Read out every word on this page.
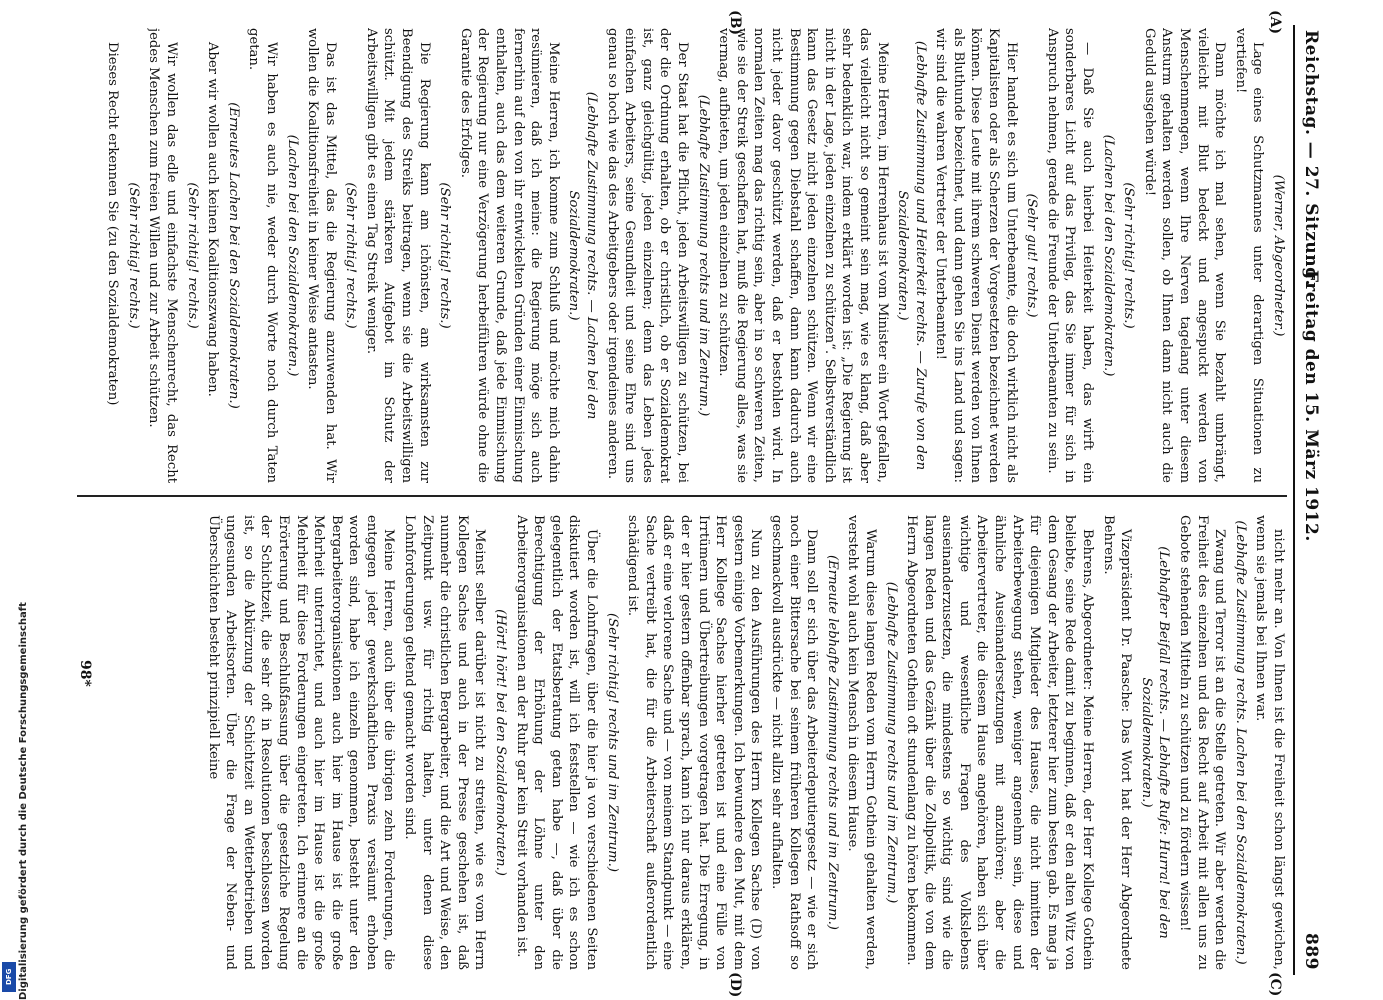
Digitalisierung gefördert durch die Deutsche Forschungsgemeinschaft
DFG
Reichstag. — 27. Sitzung.
Freitag den 15. März 1912.
889

(Werner, Abgeordneter.)

Lage eines Schutzmannes unter derartigen Situationen zu vertiefen!

Dann möchte ich mal sehen, wenn Sie bezahlt umbrängt, vielleicht mit Blut bedeckt und angespuckt werden von Menschenmengen, wenn Ihre Nerven tagelang unter diesem Ansturm gehalten werden sollen, ob Ihnen dann nicht auch die Geduld ausgehen würde!

(Sehr richtig! rechts.)

(Lachen bei den Sozialdemokraten.)

— Daß Sie auch hierbei Heiterkeit haben, das wirft ein sonderbares Licht auf das Privileg, das Sie immer für sich in Anspruch nehmen, gerade die Freunde der Unterbeamten zu sein.

(Sehr gut! rechts.)

Hier handelt es sich um Unterbeamte, die doch wirklich nicht als Kapitalisten oder als Scherzen der Vorgesetzten bezeichnet werden können. Diese Leute mit ihrem schweren Dienst werden von Ihnen als Bluthunde bezeichnet, und dann gehen Sie ins Land und sagen: wir sind die wahren Vertreter der Unterbeamten!

(Lebhafte Zustimmung und Heiterkeit rechts. — Zurufe von den Sozialdemokraten.)

Meine Herren, im Herrenhaus ist vom Minister ein Wort gefallen, das vielleicht nicht so gemeint sein mag, wie es klang, daß aber sehr bedenklich war, indem erklärt worden ist: „Die Regierung ist nicht in der Lage, jeden einzelnen zu schützen“. Selbstverständlich kann das Gesetz nicht jeden einzelnen schützen. Wenn wir eine Bestimmung gegen Diebstahl schaffen, dann kann dadurch auch nicht jeder davor geschützt werden, daß er bestohlen wird. In normalen Zeiten mag das richtig sein, aber in so schweren Zeiten, wie sie der Streik geschaffen hat, muß die Regierung alles, was sie vermag, aufbieten, um jeden einzelnen zu schützen.

(Lebhafte Zustimmung rechts und im Zentrum.)

Der Staat hat die Pflicht, jeden Arbeitswilligen zu schützen, bei der die Ordnung erhalten, ob er christlich, ob er Sozialdemokrat ist, ganz gleichgültig, jeden einzelnen; denn das Leben jedes einfachen Arbeiters, seine Gesundheit und seine Ehre sind uns genau so hoch wie das des Arbeitgebers oder irgendeines anderen.

(Lebhafte Zustimmung rechts. — Lachen bei den Sozialdemokraten.)

Meine Herren, ich komme zum Schluß und möchte mich dahin resümieren, daß ich meine: die Regierung möge sich auch fernerhin auf den von ihr entwickelten Gründen einer Einmischung enthalten, auch das dem weiteren Grunde, daß jede Einmischung der Regierung nur eine Verzögerung herbeiführen würde ohne die Garantie des Erfolges.

(Sehr richtig! rechts.)

Die Regierung kann am ichönsten, am wirksamsten zur Beendigung des Streiks beitragen, wenn sie die Arbeitswilligen schützt. Mit jedem stärkeren Aufgebot im Schutz der Arbeitswilligen gibt es einen Tag Streik weniger.

(Sehr richtig! rechts.)

Das ist das Mittel, das die Regierung anzuwenden hat. Wir wollen die Koalitionsfreiheit in keiner Weise antasten.

(Lachen bei den Sozialdemokraten.)

Wir haben es auch nie, weder durch Worte noch durch Taten getan.

(Erneutes Lachen bei den Sozialdemokraten.)

Aber wir wollen auch keinen Koalitionszwang haben.

(Sehr richtig! rechts.)

Wir wollen das edle und einfachste Menschenrecht, das Recht jedes Menschen zum freien Willen und zur Arbeit schützen.

(Sehr richtig! rechts.)

Dieses Recht erkennen Sie (zu den Sozialdemokraten)

nicht mehr an. Von Ihnen ist die Freiheit schon längst gewichen, wenn sie jemals bei Ihnen war.

(Lebhafte Zustimmung rechts. Lachen bei den Sozialdemokraten.)

Zwang und Terror ist an die Stelle getreten. Wir aber werden die Freiheit des einzelnen und das Recht auf Arbeit mit allen uns zu Gebote stehenden Mitteln zu schützen und zu fördern wissen!

(Lebhafter Beifall rechts. — Lebhafte Rufe: Hurra! bei den Sozialdemokraten.)

Vizepräsident Dr. Paasche: Das Wort hat der Herr Abgeordnete Behrens.

Behrens, Abgeordneter: Meine Herren, der Herr Kollege Gothein beliebte, seine Rede damit zu beginnen, daß er den alten Witz von dem Gesang der Arbeiter, letzterer hier zum besten gab. Es mag ja für diejenigen Mitglieder des Hauses, die nicht inmitten der Arbeiterbewegung stehen, weniger angenehm sein, diese und ähnliche Auseinandersetzungen mit anzuhören; aber die Arbeitervertreter, die diesem Hause angehören, haben sich über wichtige und wesentliche Fragen des Volkslebens auseinanderzusetzen, die mindestens so wichtig sind wie die langen Reden und das Gezänk über die Zollpolitik, die von dem Herrn Abgeordneten Gothein oft stundenlang zu hören bekommen.

(Lebhafte Zustimmung rechts und im Zentrum.)

Warum diese langen Reden vom Herrn Gothein gehalten werden, versteht wohl auch kein Mensch in diesem Hause.

(Erneute lebhafte Zustimmung rechts und im Zentrum.)

Dann soll er sich über das Arbeiterdeputiergesetz — wie er sich noch einer Bittersache bei seinem früheren Kollegen Rathsoff so geschmackvoll ausdrückte — nicht allzu sehr aufhalten.

Nun zu den Ausführungen des Herrn Kollegen Sachse (D) von gestern einige Vorbemerkungen. Ich bewundere den Mut, mit dem Herr Kollege Sachse hierher getreten ist und eine Fülle von Irrtümern und Übertreibungen vorgetragen hat. Die Erregung, in der er hier gestern offenbar sprach, kann ich nur daraus erklären, daß er eine verlorene Sache und — von meinem Standpunkt — eine Sache vertreibt hat, die für die Arbeiterschaft außerordentlich schädigend ist.

(Sehr richtig! rechts und im Zentrum.)

Über die Lohnfragen, über die hier ja von verschiedenen Seiten diskutiert worden ist, will ich feststellen — wie ich es schon gelegentlich der Etatsberatung getan habe —, daß über die Berechtigung der Erhöhung der Löhne unter den Arbeiterorganisationen an der Ruhr gar kein Streit vorhanden ist.

(Hört! hört! bei den Sozialdemokraten.)

Meinst selber darüber ist nicht zu streiten, wie es vom Herrn Kollegen Sachse und auch in der Presse geschehen ist, daß nunmehr die christlichen Bergarbeiter, und die Art und Weise, den Zeitpunkt usw. für richtig halten, unter denen diese Lohnforderungen geltend gemacht worden sind.

Meine Herren, auch über die übrigen zehn Forderungen, die entgegen jeder gewerkschaftlichen Praxis versäumt erhoben worden sind, habe ich einzeln genommen, besteht unter den Bergarbeiterorganisationen auch hier im Hause ist die große Mehrheit unterrichtet, und auch hier im Hause ist die große Mehrheit für diese Forderungen eingetreten. Ich erinnere an die Erörterung und Beschlußfassung über die gesetzliche Regelung der Schichtzeit, die sehr oft in Resolutionen beschlossen worden ist, so die Abkürzung der Schichtzeit an Wetterbetrieben und ungesunden Arbeitsorten. Über die Frage der Neben- und Überschichten besteht prinzipiell keine

(A)
(B)
(C)
(D)
98*
